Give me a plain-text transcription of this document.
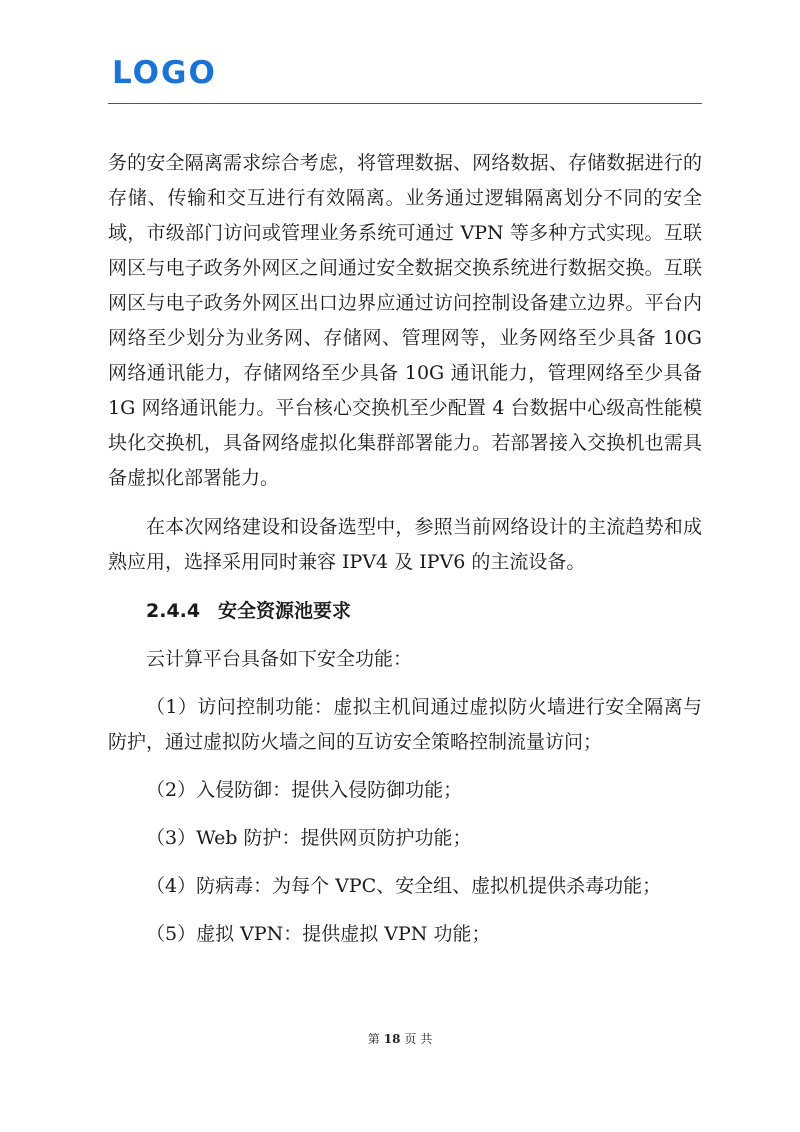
LOGO

务的安全隔离需求综合考虑，将管理数据、网络数据、存储数据进行的存储、传输和交互进行有效隔离。业务通过逻辑隔离划分不同的安全域，市级部门访问或管理业务系统可通过 VPN 等多种方式实现。互联网区与电子政务外网区之间通过安全数据交换系统进行数据交换。互联网区与电子政务外网区出口边界应通过访问控制设备建立边界。平台内网络至少划分为业务网、存储网、管理网等，业务网络至少具备 10G 网络通讯能力，存储网络至少具备 10G 通讯能力，管理网络至少具备 1G 网络通讯能力。平台核心交换机至少配置 4 台数据中心级高性能模块化交换机，具备网络虚拟化集群部署能力。若部署接入交换机也需具备虚拟化部署能力。

在本次网络建设和设备选型中，参照当前网络设计的主流趋势和成熟应用，选择采用同时兼容 IPV4 及 IPV6 的主流设备。

2.4.4 安全资源池要求

云计算平台具备如下安全功能：

（1）访问控制功能：虚拟主机间通过虚拟防火墙进行安全隔离与防护，通过虚拟防火墙之间的互访安全策略控制流量访问；

（2）入侵防御：提供入侵防御功能；

（3）Web 防护：提供网页防护功能；

（4）防病毒：为每个 VPC、安全组、虚拟机提供杀毒功能；

（5）虚拟 VPN：提供虚拟 VPN 功能；

第 18 页 共
